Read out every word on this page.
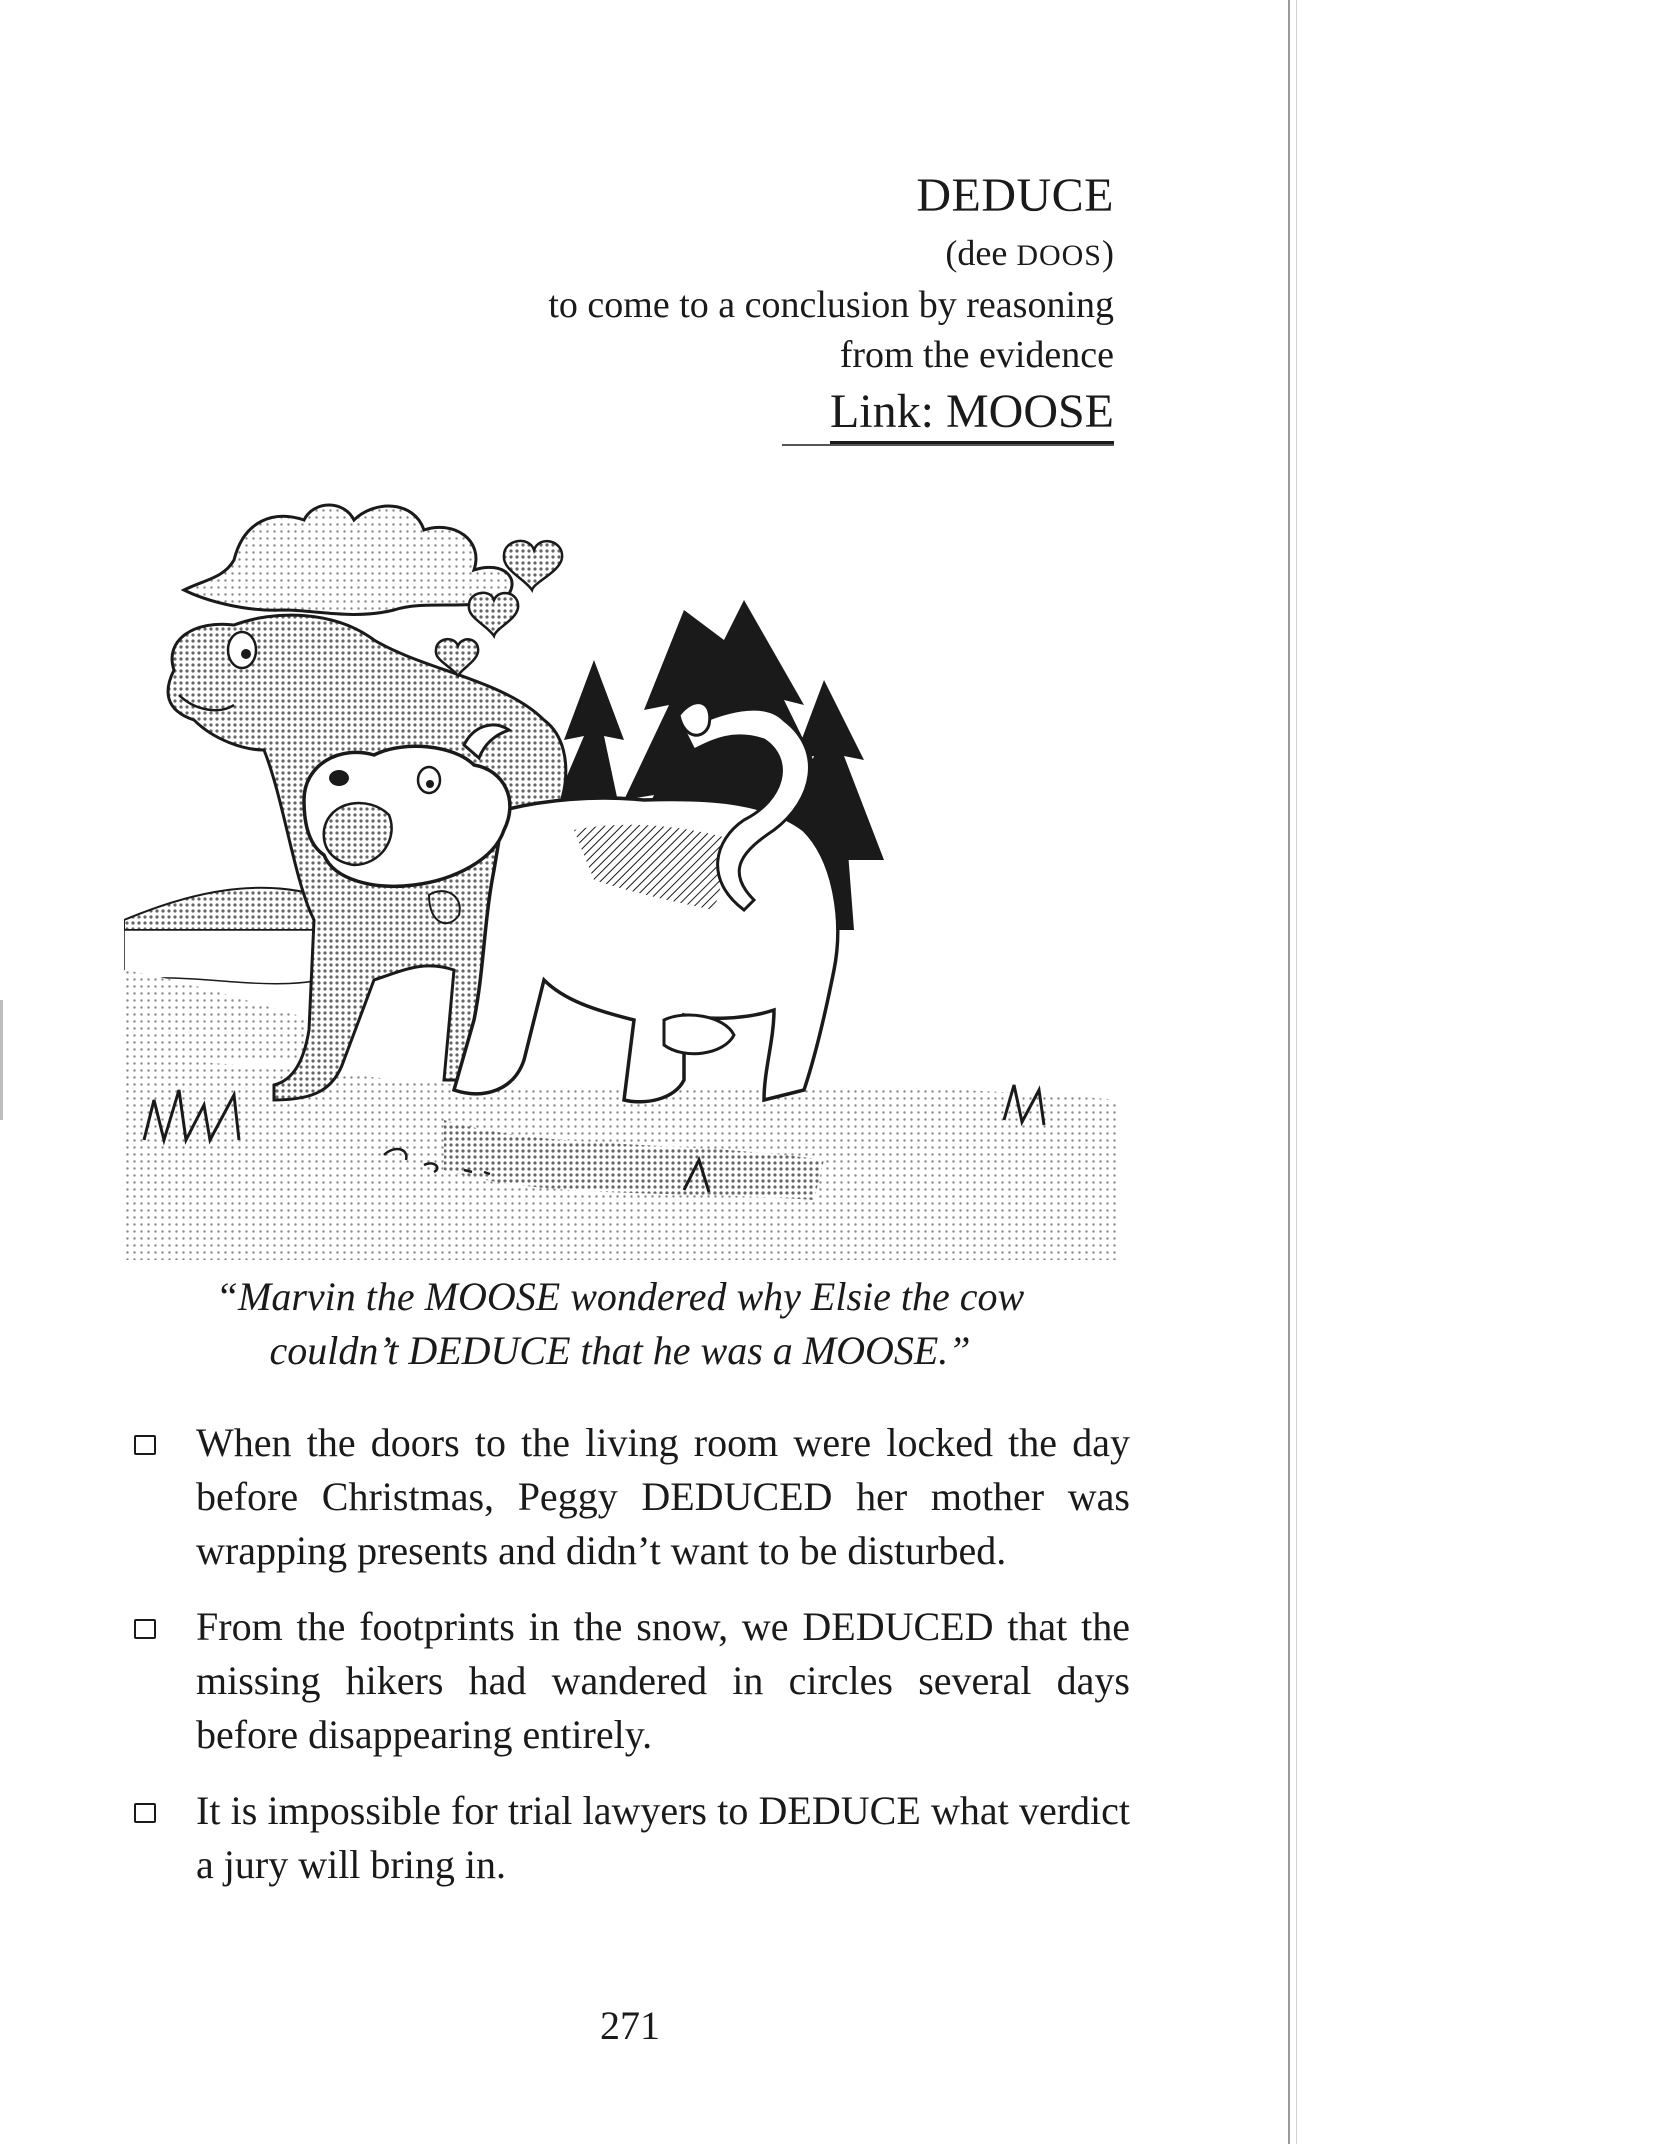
DEDUCE
(dee DOOS)
to come to a conclusion by reasoning
from the evidence
Link: MOOSE
“Marvin the MOOSE wondered why Elsie the cow
couldn’t DEDUCE that he was a MOOSE.”
When the doors to the living room were locked the day before Christmas, Peggy DEDUCED her mother was wrapping presents and didn’t want to be disturbed.
From the footprints in the snow, we DEDUCED that the missing hikers had wandered in circles several days before disappearing entirely.
It is impossible for trial lawyers to DEDUCE what verdict a jury will bring in.
271
